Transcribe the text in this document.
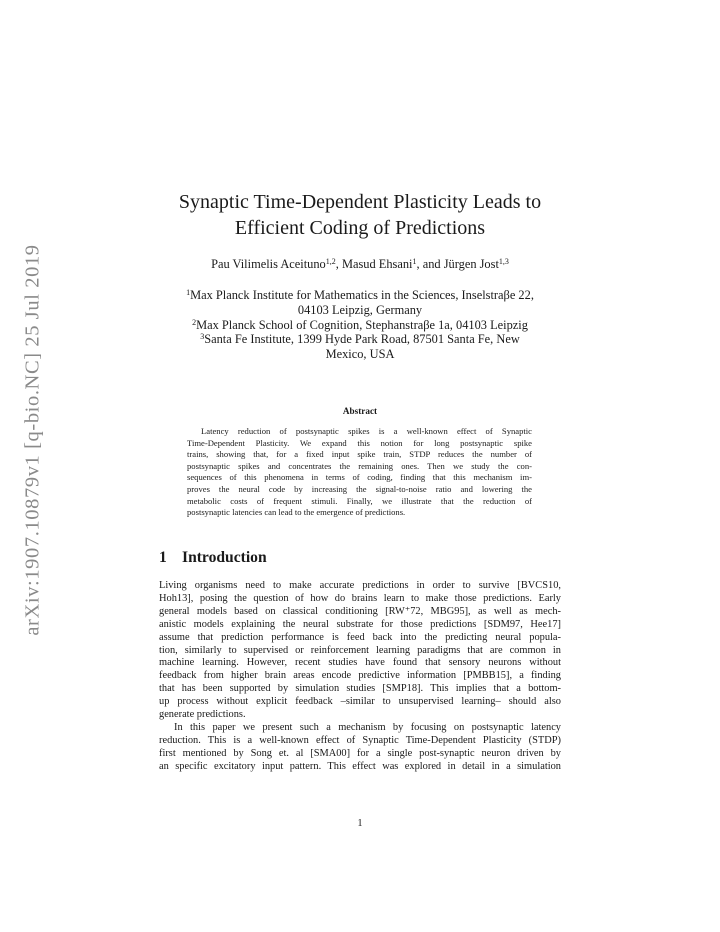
arXiv:1907.10879v1 [q-bio.NC] 25 Jul 2019
Synaptic Time-Dependent Plasticity Leads to
Efficient Coding of Predictions
Pau Vilimelis Aceituno$^{1,2}$, Masud Ehsani$^1$, and Jürgen Jost$^{1,3}$
$^1$Max Planck Institute for Mathematics in the Sciences, Inselstraβe 22,
04103 Leipzig, Germany
$^2$Max Planck School of Cognition, Stephanstraβe 1a, 04103 Leipzig
$^3$Santa Fe Institute, 1399 Hyde Park Road, 87501 Santa Fe, New
Mexico, USA
Abstract
Latency reduction of postsynaptic spikes is a well-known effect of Synaptic
Time-Dependent Plasticity. We expand this notion for long postsynaptic spike
trains, showing that, for a fixed input spike train, STDP reduces the number of
postsynaptic spikes and concentrates the remaining ones. Then we study the con-
sequences of this phenomena in terms of coding, finding that this mechanism im-
proves the neural code by increasing the signal-to-noise ratio and lowering the
metabolic costs of frequent stimuli. Finally, we illustrate that the reduction of
postsynaptic latencies can lead to the emergence of predictions.
1 Introduction
Living organisms need to make accurate predictions in order to survive [BVCS10,
Hoh13], posing the question of how do brains learn to make those predictions. Early
general models based on classical conditioning [RW⁺72, MBG95], as well as mech-
anistic models explaining the neural substrate for those predictions [SDM97, Hee17]
assume that prediction performance is feed back into the predicting neural popula-
tion, similarly to supervised or reinforcement learning paradigms that are common in
machine learning. However, recent studies have found that sensory neurons without
feedback from higher brain areas encode predictive information [PMBB15], a finding
that has been supported by simulation studies [SMP18]. This implies that a bottom-
up process without explicit feedback –similar to unsupervised learning– should also
generate predictions.
In this paper we present such a mechanism by focusing on postsynaptic latency
reduction. This is a well-known effect of Synaptic Time-Dependent Plasticity (STDP)
first mentioned by Song et. al [SMA00] for a single post-synaptic neuron driven by
an specific excitatory input pattern. This effect was explored in detail in a simulation
1
